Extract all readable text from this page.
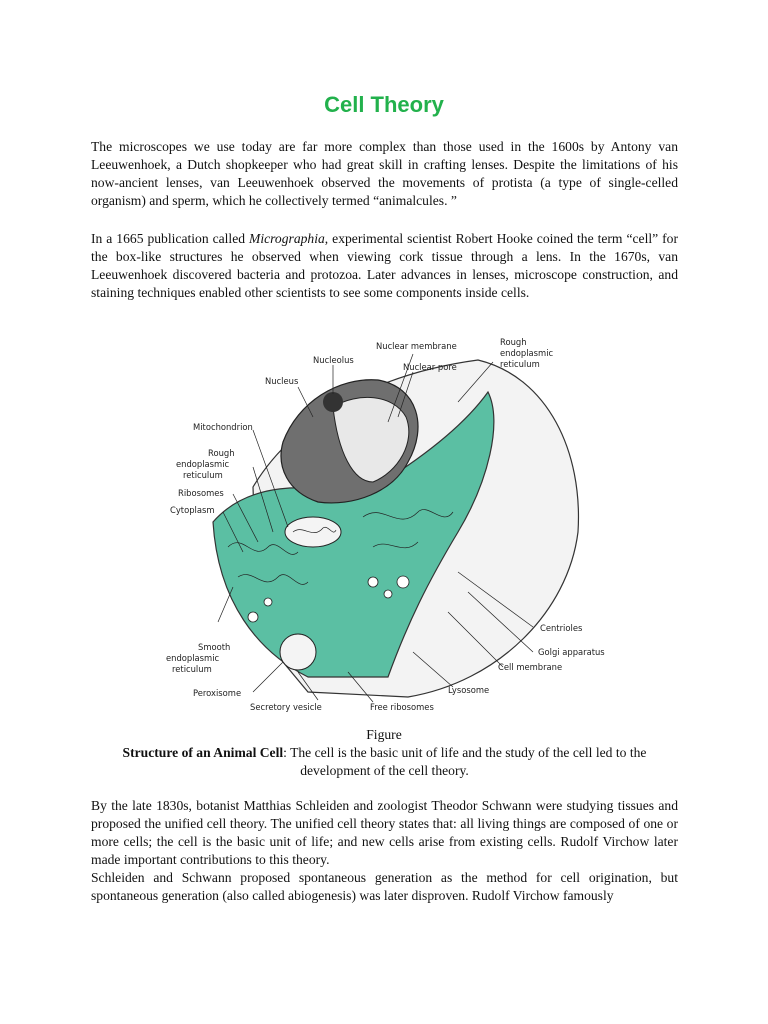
Cell Theory

The microscopes we use today are far more complex than those used in the 1600s by Antony van Leeuwenhoek, a Dutch shopkeeper who had great skill in crafting lenses. Despite the limitations of his now-ancient lenses, van Leeuwenhoek observed the movements of protista (a type of single-celled organism) and sperm, which he collectively termed “animalcules. ”

In a 1665 publication called Micrographia, experimental scientist Robert Hooke coined the term “cell” for the box-like structures he observed when viewing cork tissue through a lens. In the 1670s, van Leeuwenhoek discovered bacteria and protozoa. Later advances in lenses, microscope construction, and staining techniques enabled other scientists to see some components inside cells.

Nuclear membrane	Rough
endoplasmic
reticulum
Nucleolus
Nuclear pore
Nucleus
Mitochondrion
Rough
endoplasmic
reticulum
Ribosomes
Cytoplasm
Centrioles
Smooth
endoplasmic
reticulum
Golgi apparatus
Cell membrane
Lysosome
Peroxisome
Secretory vesicle	Free ribosomes

Figure

Structure of an Animal Cell: The cell is the basic unit of life and the study of the cell led to the development of the cell theory.

By the late 1830s, botanist Matthias Schleiden and zoologist Theodor Schwann were studying tissues and proposed the unified cell theory. The unified cell theory states that: all living things are composed of one or more cells; the cell is the basic unit of life; and new cells arise from existing cells. Rudolf Virchow later made important contributions to this theory.

Schleiden and Schwann proposed spontaneous generation as the method for cell origination, but spontaneous generation (also called abiogenesis) was later disproven. Rudolf Virchow famously
